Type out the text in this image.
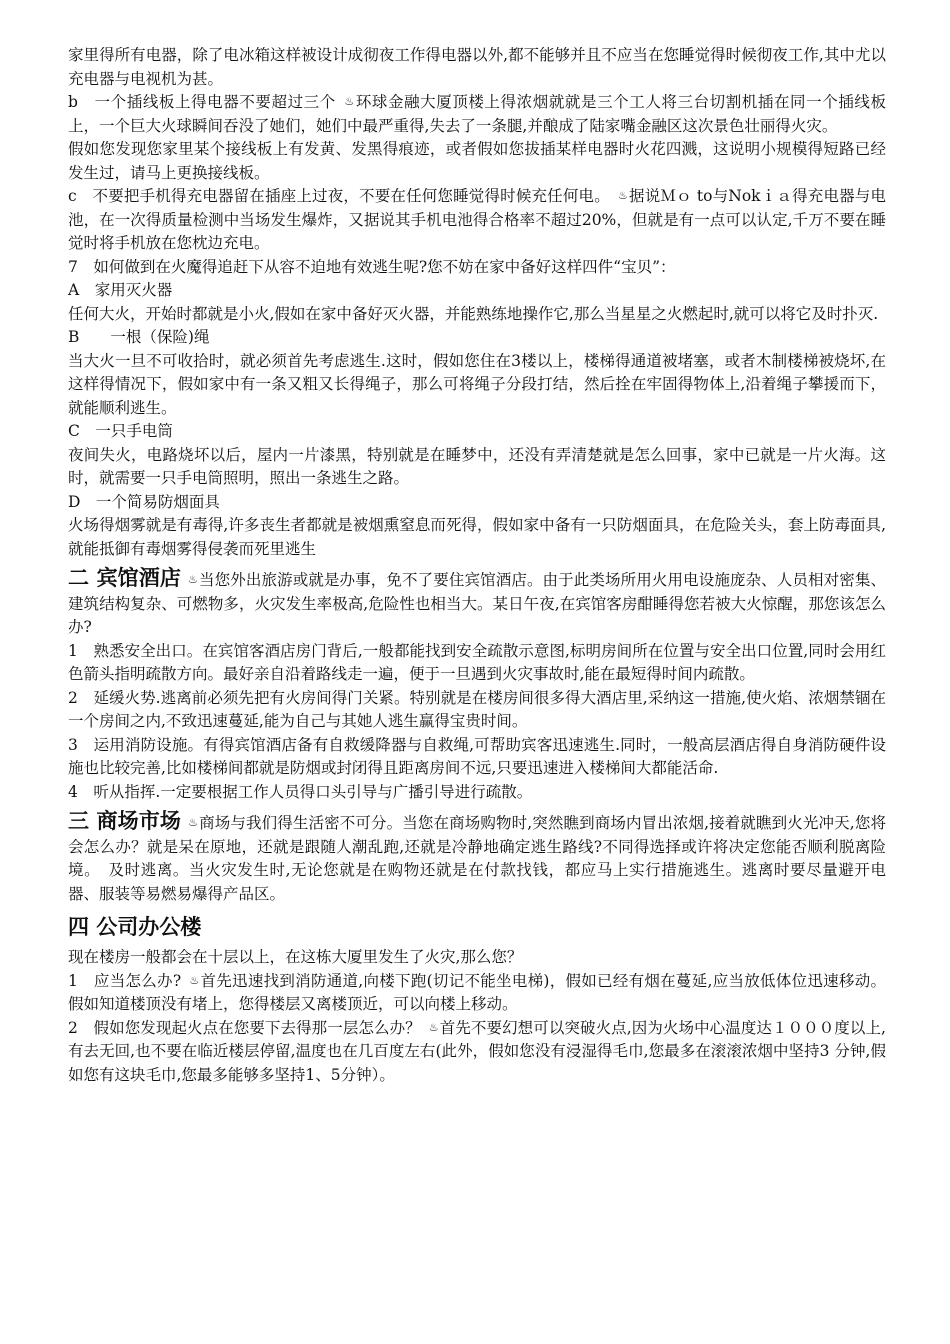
家里得所有电器，除了电冰箱这样被设计成彻夜工作得电器以外,都不能够并且不应当在您睡觉得时候彻夜工作,其中尤以充电器与电视机为甚。

b　一个插线板上得电器不要超过三个 ♨环球金融大厦顶楼上得浓烟就就是三个工人将三台切割机插在同一个插线板上，一个巨大火球瞬间吞没了她们，她们中最严重得,失去了一条腿,并酿成了陆家嘴金融区这次景色壮丽得火灾。

假如您发现您家里某个接线板上有发黄、发黑得痕迹，或者假如您拔插某样电器时火花四溅，这说明小规模得短路已经发生过，请马上更换接线板。

c　不要把手机得充电器留在插座上过夜，不要在任何您睡觉得时候充任何电。 ♨据说Ｍｏ to与Nokｉａ得充电器与电池，在一次得质量检测中当场发生爆炸，又据说其手机电池得合格率不超过20%，但就是有一点可以认定,千万不要在睡觉时将手机放在您枕边充电。

7　如何做到在火魔得追赶下从容不迫地有效逃生呢?您不妨在家中备好这样四件“宝贝”：

A　家用灭火器

任何大火，开始时都就是小火,假如在家中备好灭火器，并能熟练地操作它,那么当星星之火燃起时,就可以将它及时扑灭.

B　　一根（保险)绳

当大火一旦不可收拾时，就必须首先考虑逃生.这时，假如您住在3楼以上，楼梯得通道被堵塞，或者木制楼梯被烧坏,在这样得情况下，假如家中有一条又粗又长得绳子，那么可将绳子分段打结，然后拴在牢固得物体上,沿着绳子攀援而下，就能顺利逃生。

C　一只手电筒

夜间失火，电路烧坏以后，屋内一片漆黑，特别就是在睡梦中，还没有弄清楚就是怎么回事，家中已就是一片火海。这时，就需要一只手电筒照明，照出一条逃生之路。

D　一个简易防烟面具

火场得烟雾就是有毒得,许多丧生者都就是被烟熏窒息而死得，假如家中备有一只防烟面具，在危险关头，套上防毒面具,就能抵御有毒烟雾得侵袭而死里逃生

二 宾馆酒店 ♨当您外出旅游或就是办事，免不了要住宾馆酒店。由于此类场所用火用电设施庞杂、人员相对密集、建筑结构复杂、可燃物多，火灾发生率极高,危险性也相当大。某日午夜,在宾馆客房酣睡得您若被大火惊醒，那您该怎么办?

1　熟悉安全出口。在宾馆客酒店房门背后,一般都能找到安全疏散示意图,标明房间所在位置与安全出口位置,同时会用红色箭头指明疏散方向。最好亲自沿着路线走一遍，便于一旦遇到火灾事故时,能在最短得时间内疏散。

2　延缓火势.逃离前必须先把有火房间得门关紧。特别就是在楼房间很多得大酒店里,采纳这一措施,使火焰、浓烟禁锢在一个房间之内,不致迅速蔓延,能为自己与其她人逃生赢得宝贵时间。

3　运用消防设施。有得宾馆酒店备有自救缓降器与自救绳,可帮助宾客迅速逃生.同时，一般高层酒店得自身消防硬件设施也比较完善,比如楼梯间都就是防烟或封闭得且距离房间不远,只要迅速进入楼梯间大都能活命.

4　听从指挥.一定要根据工作人员得口头引导与广播引导进行疏散。

三 商场市场 ♨商场与我们得生活密不可分。当您在商场购物时,突然瞧到商场内冒出浓烟,接着就瞧到火光冲天,您将会怎么办？就是呆在原地，还就是跟随人潮乱跑,还就是冷静地确定逃生路线?不同得选择或许将决定您能否顺利脱离险境。　及时逃离。当火灾发生时,无论您就是在购物还就是在付款找钱，都应马上实行措施逃生。逃离时要尽量避开电器、服装等易燃易爆得产品区。

四 公司办公楼

现在楼房一般都会在十层以上，在这栋大厦里发生了火灾,那么您？

1　应当怎么办? ♨首先迅速找到消防通道,向楼下跑(切记不能坐电梯)，假如已经有烟在蔓延,应当放低体位迅速移动。假如知道楼顶没有堵上，您得楼层又离楼顶近，可以向楼上移动。

2　假如您发现起火点在您要下去得那一层怎么办？ ♨首先不要幻想可以突破火点,因为火场中心温度达１０００度以上,有去无回,也不要在临近楼层停留,温度也在几百度左右(此外，假如您没有浸湿得毛巾,您最多在滚滚浓烟中坚持3 分钟,假如您有这块毛巾,您最多能够多坚持1、5分钟）。
